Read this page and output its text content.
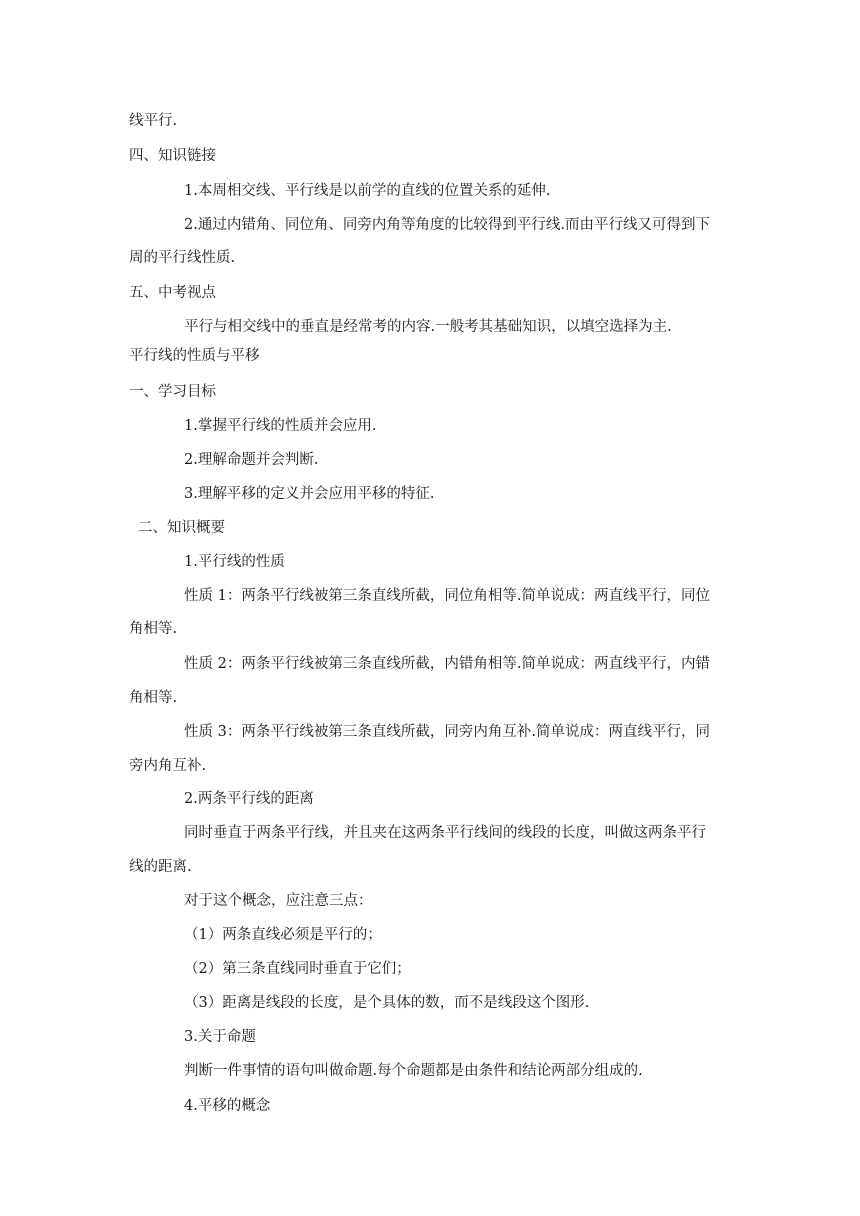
线平行.
四、知识链接
1.本周相交线、平行线是以前学的直线的位置关系的延伸.
2.通过内错角、同位角、同旁内角等角度的比较得到平行线.而由平行线又可得到下
周的平行线性质.
五、中考视点
平行与相交线中的垂直是经常考的内容.一般考其基础知识，以填空选择为主.
平行线的性质与平移
一、学习目标
1.掌握平行线的性质并会应用.
2.理解命题并会判断.
3.理解平移的定义并会应用平移的特征.
二、知识概要
1.平行线的性质
性质 1：两条平行线被第三条直线所截，同位角相等.简单说成：两直线平行，同位
角相等.
性质 2：两条平行线被第三条直线所截，内错角相等.简单说成：两直线平行，内错
角相等.
性质 3：两条平行线被第三条直线所截，同旁内角互补.简单说成：两直线平行，同
旁内角互补.
2.两条平行线的距离
同时垂直于两条平行线，并且夹在这两条平行线间的线段的长度，叫做这两条平行
线的距离.
对于这个概念，应注意三点：
（1）两条直线必须是平行的；
（2）第三条直线同时垂直于它们；
（3）距离是线段的长度，是个具体的数，而不是线段这个图形.
3.关于命题
判断一件事情的语句叫做命题.每个命题都是由条件和结论两部分组成的.
4.平移的概念
